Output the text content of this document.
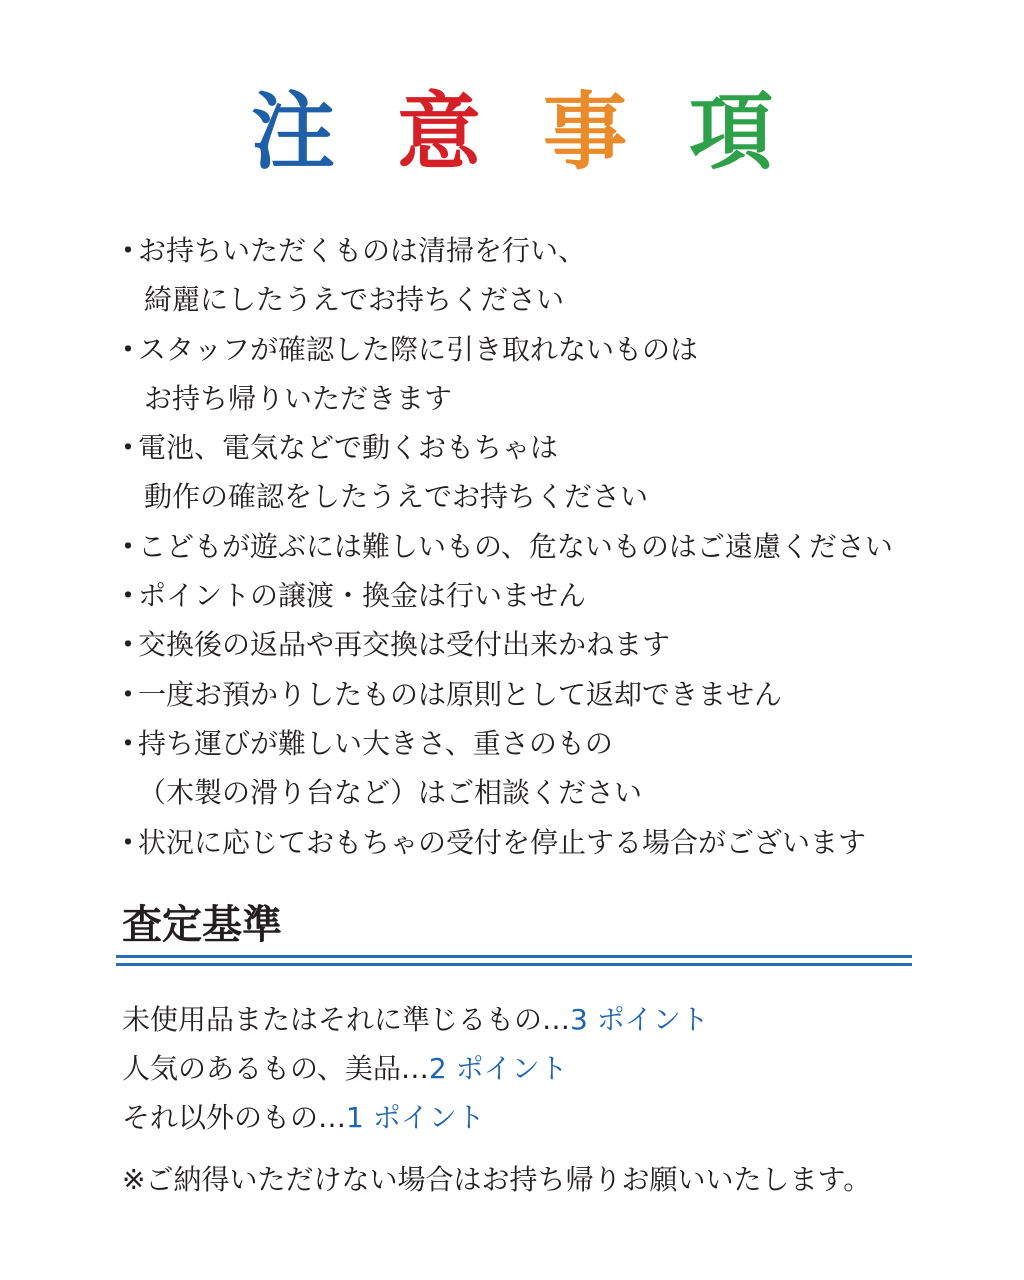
注 意 事 項
・
お持ちいただくものは清掃を行い、
綺麗にしたうえでお持ちください
・
スタッフが確認した際に引き取れないものは
お持ち帰りいただきます
・
電池、電気などで動くおもちゃは
動作の確認をしたうえでお持ちください
・
こどもが遊ぶには難しいもの、危ないものはご遠慮ください
・
ポイントの譲渡・換金は行いません
・
交換後の返品や再交換は受付出来かねます
・
一度お預かりしたものは原則として返却できません
・
持ち運びが難しい大きさ、重さのもの
（木製の滑り台など）はご相談ください
・
状況に応じておもちゃの受付を停止する場合がございます
査定基準
未使用品またはそれに準じるもの…3 ポイント
人気のあるもの、美品…2 ポイント
それ以外のもの…1 ポイント

※ご納得いただけない場合はお持ち帰りお願いいたします。
